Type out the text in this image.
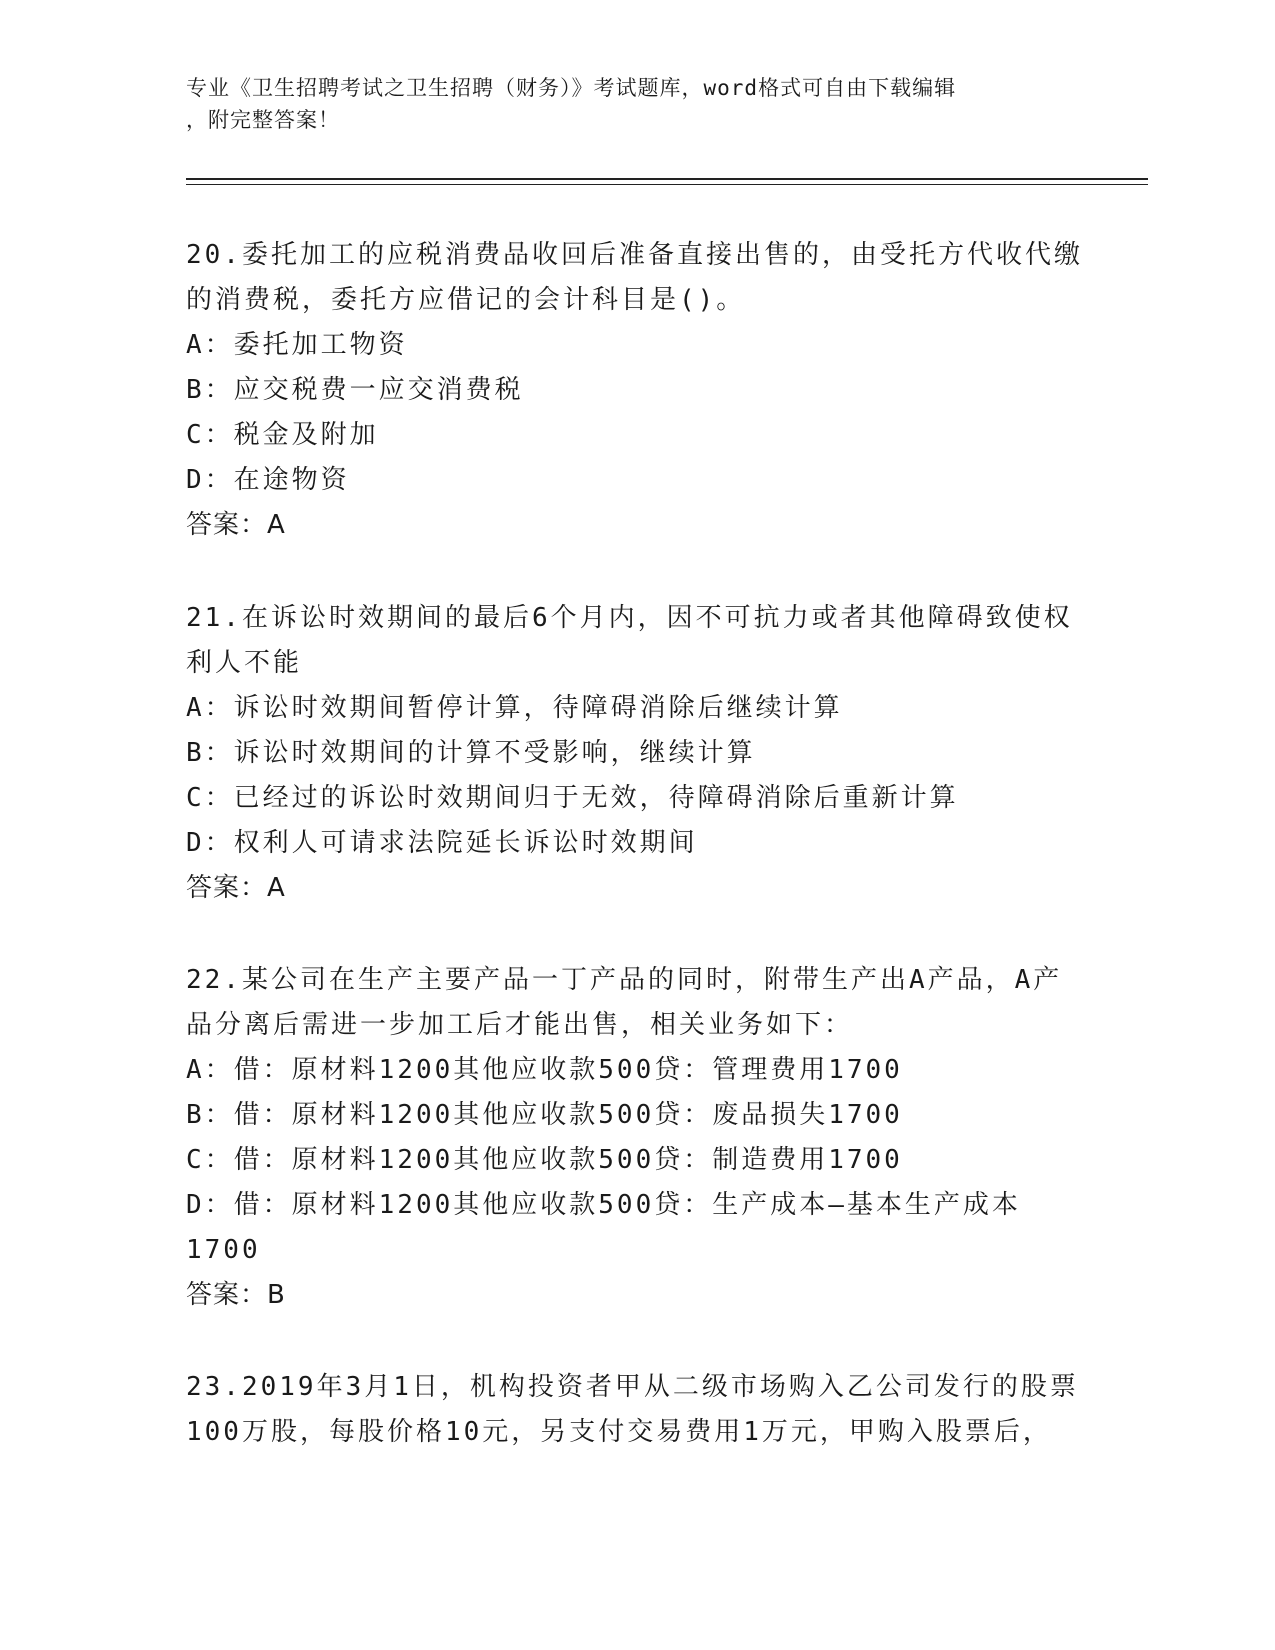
专业《卫生招聘考试之卫生招聘（财务）》考试题库，word格式可自由下载编辑
，附完整答案！

20.委托加工的应税消费品收回后准备直接出售的，由受托方代收代缴

的消费税，委托方应借记的会计科目是()。

A：委托加工物资

B：应交税费一应交消费税

C：税金及附加

D：在途物资

答案：A

21.在诉讼时效期间的最后6个月内，因不可抗力或者其他障碍致使权

利人不能

A：诉讼时效期间暂停计算，待障碍消除后继续计算

B：诉讼时效期间的计算不受影响，继续计算

C：已经过的诉讼时效期间归于无效，待障碍消除后重新计算

D：权利人可请求法院延长诉讼时效期间

答案：A

22.某公司在生产主要产品一丁产品的同时，附带生产出A产品，A产

品分离后需进一步加工后才能出售，相关业务如下：

A：借：原材料1200其他应收款500贷：管理费用1700

B：借：原材料1200其他应收款500贷：废品损失1700

C：借：原材料1200其他应收款500贷：制造费用1700

D：借：原材料1200其他应收款500贷：生产成本—基本生产成本

1700

答案：B

23.2019年3月1日，机构投资者甲从二级市场购入乙公司发行的股票

100万股，每股价格10元，另支付交易费用1万元，甲购入股票后，
